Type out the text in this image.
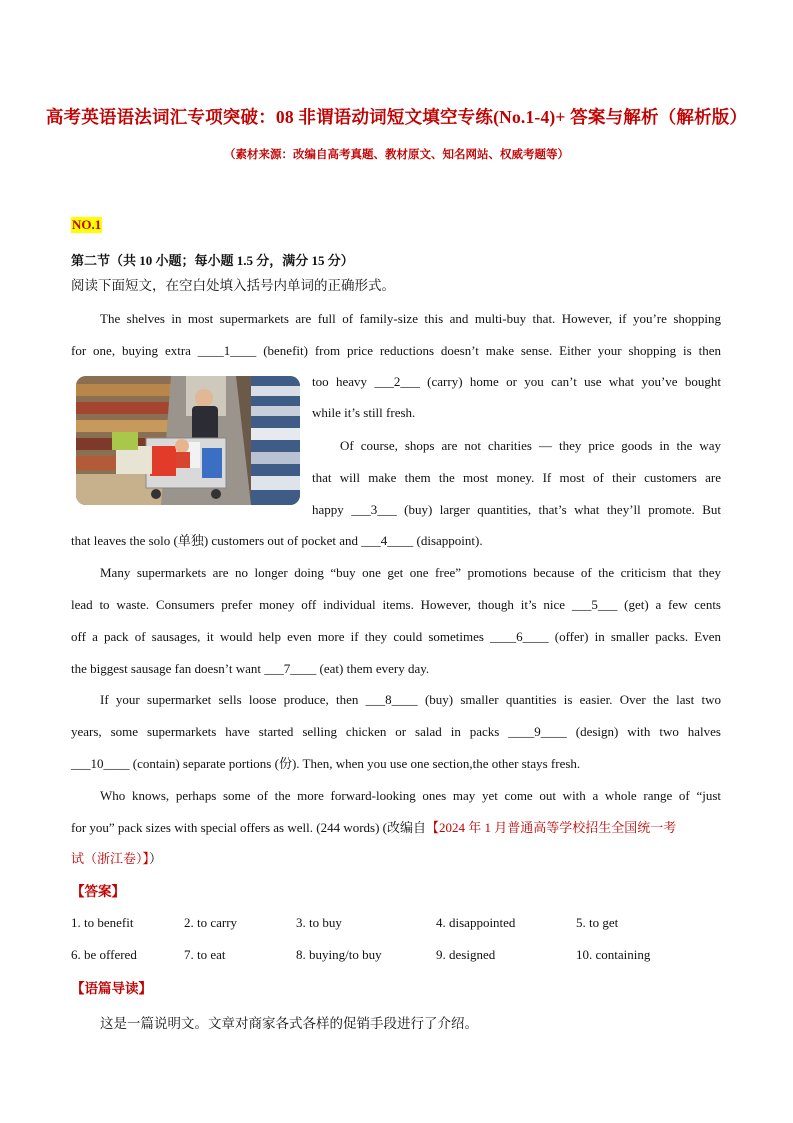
高考英语语法词汇专项突破：08 非谓语动词短文填空专练(No.1-4)+ 答案与解析（解析版）
（素材来源：改编自高考真题、教材原文、知名网站、权威考题等）
NO.1
第二节（共 10 小题；每小题 1.5 分，满分 15 分）
阅读下面短文，在空白处填入括号内单词的正确形式。
The shelves in most supermarkets are full of family-size this and multi-buy that. However, if you’re shopping
for one, buying extra ____1____ (benefit) from price reductions doesn’t make sense. Either your shopping is then
too heavy ___2___ (carry) home or you can’t use what you’ve bought
while it’s still fresh.
Of course, shops are not charities — they price goods in the way
that will make them the most money. If most of their customers are
happy ___3___ (buy) larger quantities, that’s what they’ll promote. But
that leaves the solo (单独) customers out of pocket and ___4____ (disappoint).
Many supermarkets are no longer doing “buy one get one free” promotions because of the criticism that they
lead to waste. Consumers prefer money off individual items. However, though it’s nice ___5___ (get) a few cents
off a pack of sausages, it would help even more if they could sometimes ____6____ (offer) in smaller packs. Even
the biggest sausage fan doesn’t want ___7____ (eat) them every day.
If your supermarket sells loose produce, then ___8____ (buy) smaller quantities is easier. Over the last two
years, some supermarkets have started selling chicken or salad in packs ____9____ (design) with two halves
___10____ (contain) separate portions (份). Then, when you use one section,the other stays fresh.
Who knows, perhaps some of the more forward-looking ones may yet come out with a whole range of “just
for you” pack sizes with special offers as well. (244 words) (改编自【2024 年 1 月普通高等学校招生全国统一考
试（浙江卷）】）
【答案】
1. to benefit	2. to carry	3. to buy	4. disappointed	5. to get
6. be offered	7. to eat	8. buying/to buy	9. designed	10. containing
【语篇导读】
这是一篇说明文。文章对商家各式各样的促销手段进行了介绍。
